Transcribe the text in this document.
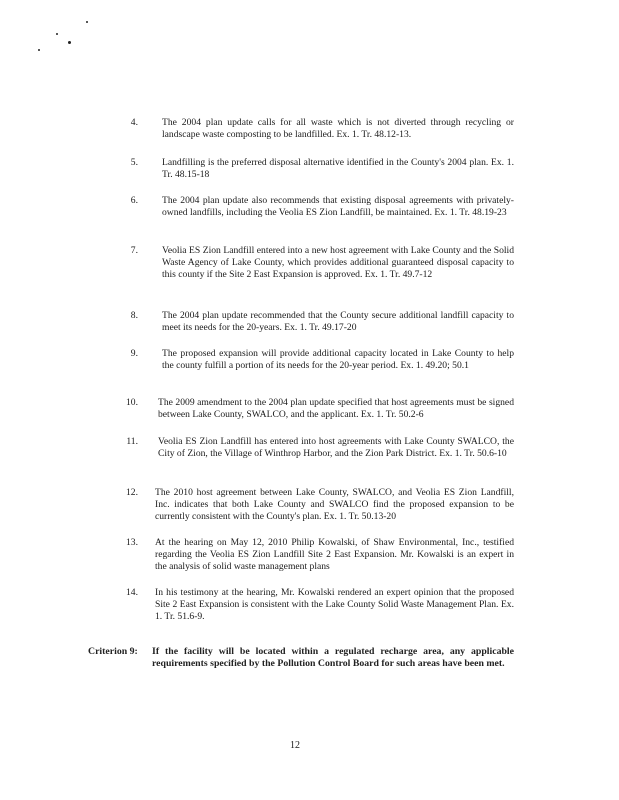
4.	The 2004 plan update calls for all waste which is not diverted through recycling or landscape waste composting to be landfilled. Ex. 1. Tr. 48.12-13.
5.	Landfilling is the preferred disposal alternative identified in the County's 2004 plan. Ex. 1. Tr. 48.15-18
6.	The 2004 plan update also recommends that existing disposal agreements with privately-owned landfills, including the Veolia ES Zion Landfill, be maintained. Ex. 1. Tr. 48.19-23
7.	Veolia ES Zion Landfill entered into a new host agreement with Lake County and the Solid Waste Agency of Lake County, which provides additional guaranteed disposal capacity to this county if the Site 2 East Expansion is approved. Ex. 1. Tr. 49.7-12
8.	The 2004 plan update recommended that the County secure additional landfill capacity to meet its needs for the 20-years. Ex. 1. Tr. 49.17-20
9.	The proposed expansion will provide additional capacity located in Lake County to help the county fulfill a portion of its needs for the 20-year period. Ex. 1. 49.20; 50.1
10. The 2009 amendment to the 2004 plan update specified that host agreements must be signed between Lake County, SWALCO, and the applicant. Ex. 1. Tr. 50.2-6
11. Veolia ES Zion Landfill has entered into host agreements with Lake County SWALCO, the City of Zion, the Village of Winthrop Harbor, and the Zion Park District. Ex. 1. Tr. 50.6-10
12. The 2010 host agreement between Lake County, SWALCO, and Veolia ES Zion Landfill, Inc. indicates that both Lake County and SWALCO find the proposed expansion to be currently consistent with the County's plan. Ex. 1. Tr. 50.13-20
13. At the hearing on May 12, 2010 Philip Kowalski, of Shaw Environmental, Inc., testified regarding the Veolia ES Zion Landfill Site 2 East Expansion. Mr. Kowalski is an expert in the analysis of solid waste management plans
14. In his testimony at the hearing, Mr. Kowalski rendered an expert opinion that the proposed Site 2 East Expansion is consistent with the Lake County Solid Waste Management Plan. Ex. 1. Tr. 51.6-9.
Criterion 9: If the facility will be located within a regulated recharge area, any applicable requirements specified by the Pollution Control Board for such areas have been met.
12
